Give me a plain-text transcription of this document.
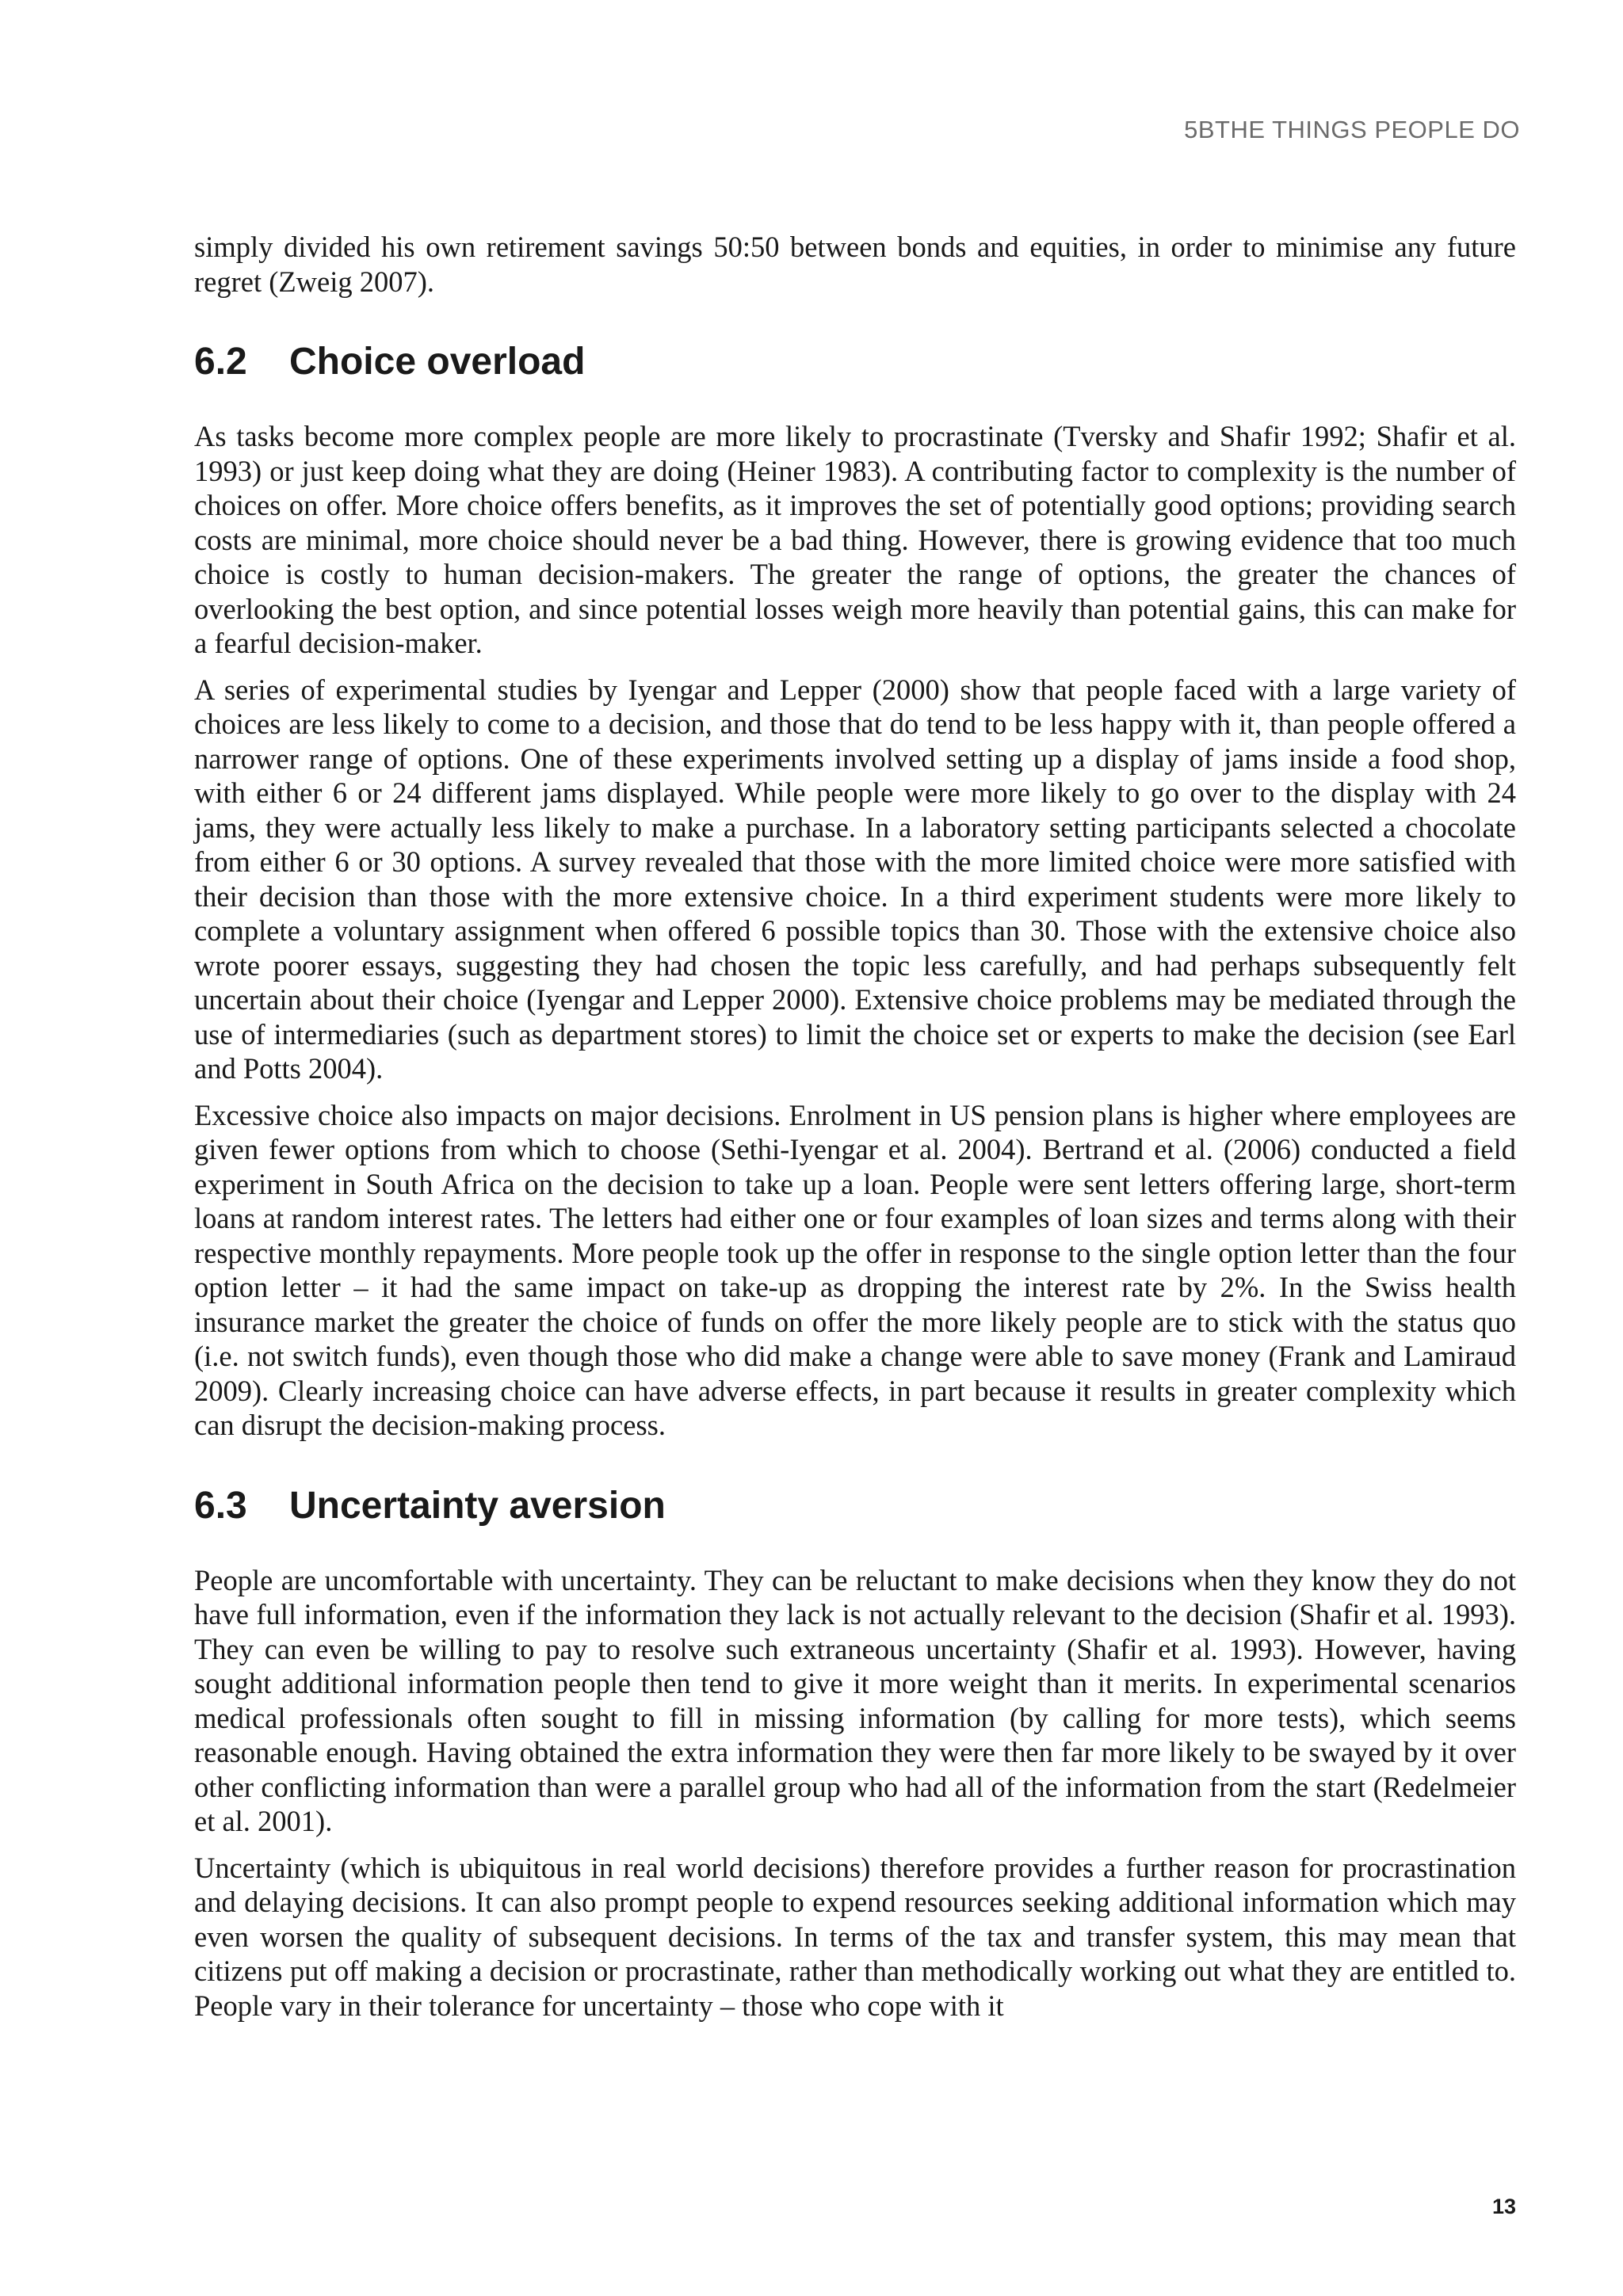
5BTHE THINGS PEOPLE DO

simply divided his own retirement savings 50:50 between bonds and equities, in order to minimise any future regret (Zweig 2007).

6.2	Choice overload

As tasks become more complex people are more likely to procrastinate (Tversky and Shafir 1992; Shafir et al. 1993) or just keep doing what they are doing (Heiner 1983). A contributing factor to complexity is the number of choices on offer. More choice offers benefits, as it improves the set of potentially good options; providing search costs are minimal, more choice should never be a bad thing. However, there is growing evidence that too much choice is costly to human decision-makers. The greater the range of options, the greater the chances of overlooking the best option, and since potential losses weigh more heavily than potential gains, this can make for a fearful decision-maker.

A series of experimental studies by Iyengar and Lepper (2000) show that people faced with a large variety of choices are less likely to come to a decision, and those that do tend to be less happy with it, than people offered a narrower range of options. One of these experiments involved setting up a display of jams inside a food shop, with either 6 or 24 different jams displayed. While people were more likely to go over to the display with 24 jams, they were actually less likely to make a purchase. In a laboratory setting participants selected a chocolate from either 6 or 30 options. A survey revealed that those with the more limited choice were more satisfied with their decision than those with the more extensive choice. In a third experiment students were more likely to complete a voluntary assignment when offered 6 possible topics than 30. Those with the extensive choice also wrote poorer essays, suggesting they had chosen the topic less carefully, and had perhaps subsequently felt uncertain about their choice (Iyengar and Lepper 2000). Extensive choice problems may be mediated through the use of intermediaries (such as department stores) to limit the choice set or experts to make the decision (see Earl and Potts 2004).

Excessive choice also impacts on major decisions. Enrolment in US pension plans is higher where employees are given fewer options from which to choose (Sethi-Iyengar et al. 2004). Bertrand et al. (2006) conducted a field experiment in South Africa on the decision to take up a loan. People were sent letters offering large, short-term loans at random interest rates. The letters had either one or four examples of loan sizes and terms along with their respective monthly repayments. More people took up the offer in response to the single option letter than the four option letter – it had the same impact on take-up as dropping the interest rate by 2%. In the Swiss health insurance market the greater the choice of funds on offer the more likely people are to stick with the status quo (i.e. not switch funds), even though those who did make a change were able to save money (Frank and Lamiraud 2009). Clearly increasing choice can have adverse effects, in part because it results in greater complexity which can disrupt the decision-making process.

6.3	Uncertainty aversion

People are uncomfortable with uncertainty. They can be reluctant to make decisions when they know they do not have full information, even if the information they lack is not actually relevant to the decision (Shafir et al. 1993). They can even be willing to pay to resolve such extraneous uncertainty (Shafir et al. 1993). However, having sought additional information people then tend to give it more weight than it merits. In experimental scenarios medical professionals often sought to fill in missing information (by calling for more tests), which seems reasonable enough. Having obtained the extra information they were then far more likely to be swayed by it over other conflicting information than were a parallel group who had all of the information from the start (Redelmeier et al. 2001).

Uncertainty (which is ubiquitous in real world decisions) therefore provides a further reason for procrastination and delaying decisions. It can also prompt people to expend resources seeking additional information which may even worsen the quality of subsequent decisions. In terms of the tax and transfer system, this may mean that citizens put off making a decision or procrastinate, rather than methodically working out what they are entitled to. People vary in their tolerance for uncertainty – those who cope with it

13
